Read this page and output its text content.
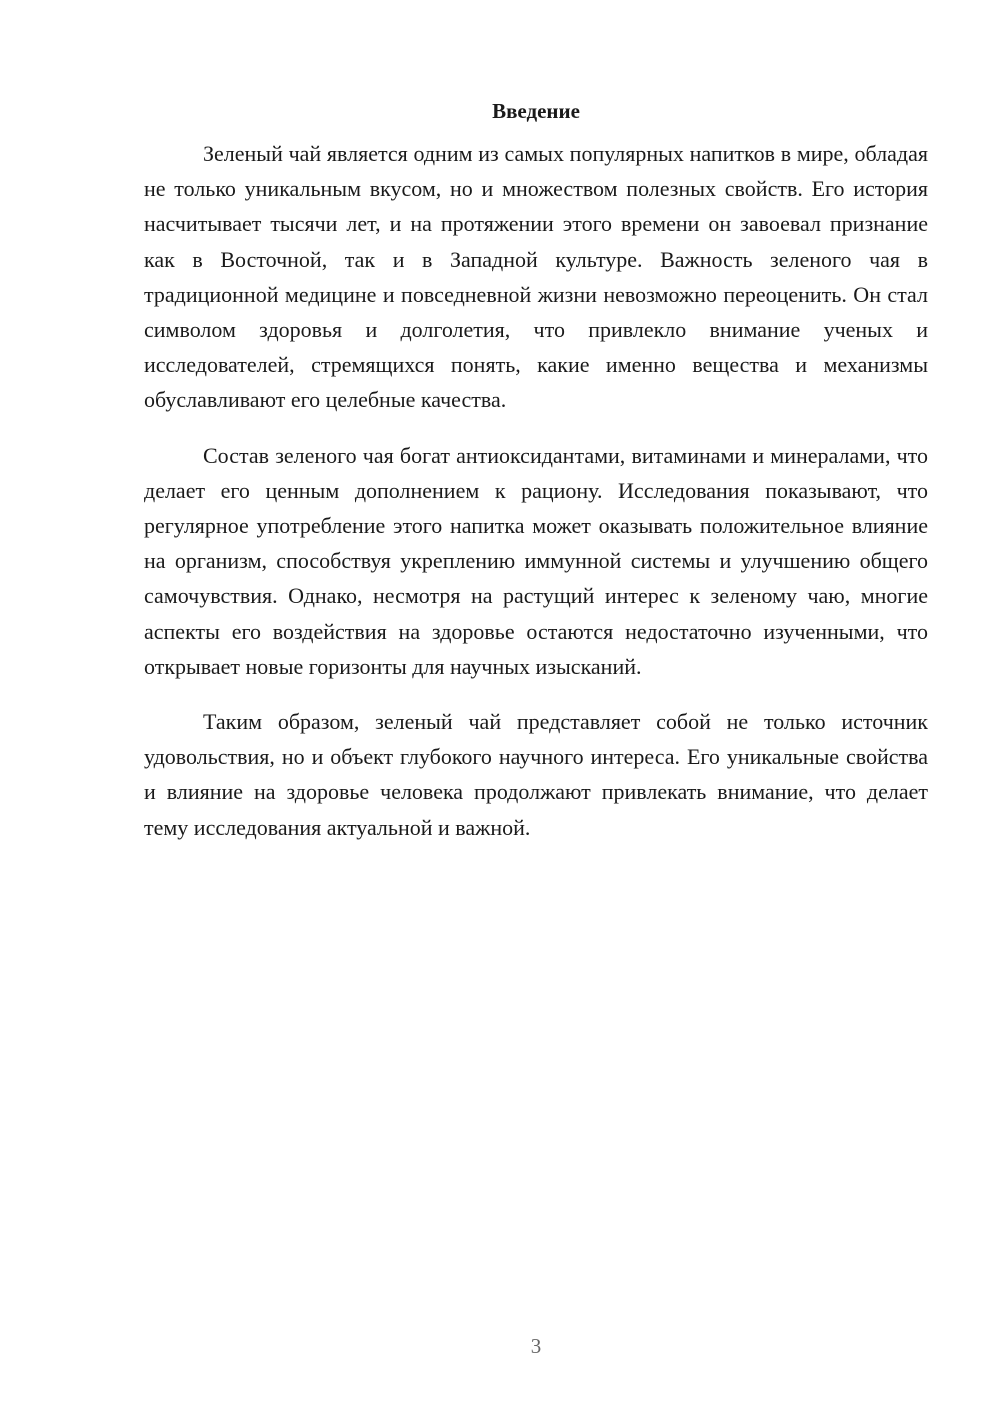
Введение

Зеленый чай является одним из самых популярных напитков в мире, обладая не только уникальным вкусом, но и множеством полезных свойств. Его история насчитывает тысячи лет, и на протяжении этого времени он завоевал признание как в Восточной, так и в Западной культуре. Важность зеленого чая в традиционной медицине и повседневной жизни невозможно переоценить. Он стал символом здоровья и долголетия, что привлекло внимание ученых и исследователей, стремящихся понять, какие именно вещества и механизмы обуславливают его целебные качества.

Состав зеленого чая богат антиоксидантами, витаминами и минералами, что делает его ценным дополнением к рациону. Исследования показывают, что регулярное употребление этого напитка может оказывать положительное влияние на организм, способствуя укреплению иммунной системы и улучшению общего самочувствия. Однако, несмотря на растущий интерес к зеленому чаю, многие аспекты его воздействия на здоровье остаются недостаточно изученными, что открывает новые горизонты для научных изысканий.

Таким образом, зеленый чай представляет собой не только источник удовольствия, но и объект глубокого научного интереса. Его уникальные свойства и влияние на здоровье человека продолжают привлекать внимание, что делает тему исследования актуальной и важной.

3
